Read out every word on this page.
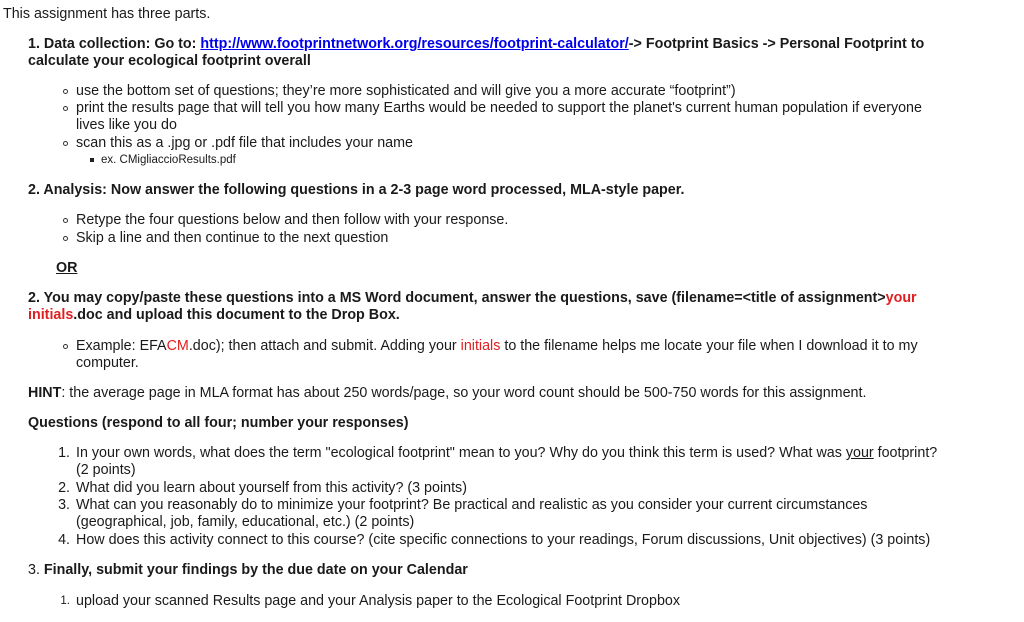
This assignment has three parts.
1. Data collection: Go to: http://www.footprintnetwork.org/resources/footprint-calculator/-> Footprint Basics -> Personal Footprint to
calculate your ecological footprint overall
use the bottom set of questions; they’re more sophisticated and will give you a more accurate “footprint”)
print the results page that will tell you how many Earths would be needed to support the planet's current human population if everyone
lives like you do
scan this as a .jpg or .pdf file that includes your name
ex. CMigliaccioResults.pdf
2. Analysis: Now answer the following questions in a 2-3 page word processed, MLA-style paper.
Retype the four questions below and then follow with your response.
Skip a line and then continue to the next question
OR
2. You may copy/paste these questions into a MS Word document, answer the questions, save (filename=<title of assignment>your
initials.doc and upload this document to the Drop Box.
Example: EFACM.doc); then attach and submit. Adding your initials to the filename helps me locate your file when I download it to my
computer.
HINT: the average page in MLA format has about 250 words/page, so your word count should be 500-750 words for this assignment.
Questions (respond to all four; number your responses)
1. In your own words, what does the term "ecological footprint" mean to you? Why do you think this term is used? What was your footprint?
(2 points)
2. What did you learn about yourself from this activity? (3 points)
3. What can you reasonably do to minimize your footprint? Be practical and realistic as you consider your current circumstances
(geographical, job, family, educational, etc.) (2 points)
4. How does this activity connect to this course? (cite specific connections to your readings, Forum discussions, Unit objectives) (3 points)
3. Finally, submit your findings by the due date on your Calendar
1. upload your scanned Results page and your Analysis paper to the Ecological Footprint Dropbox
